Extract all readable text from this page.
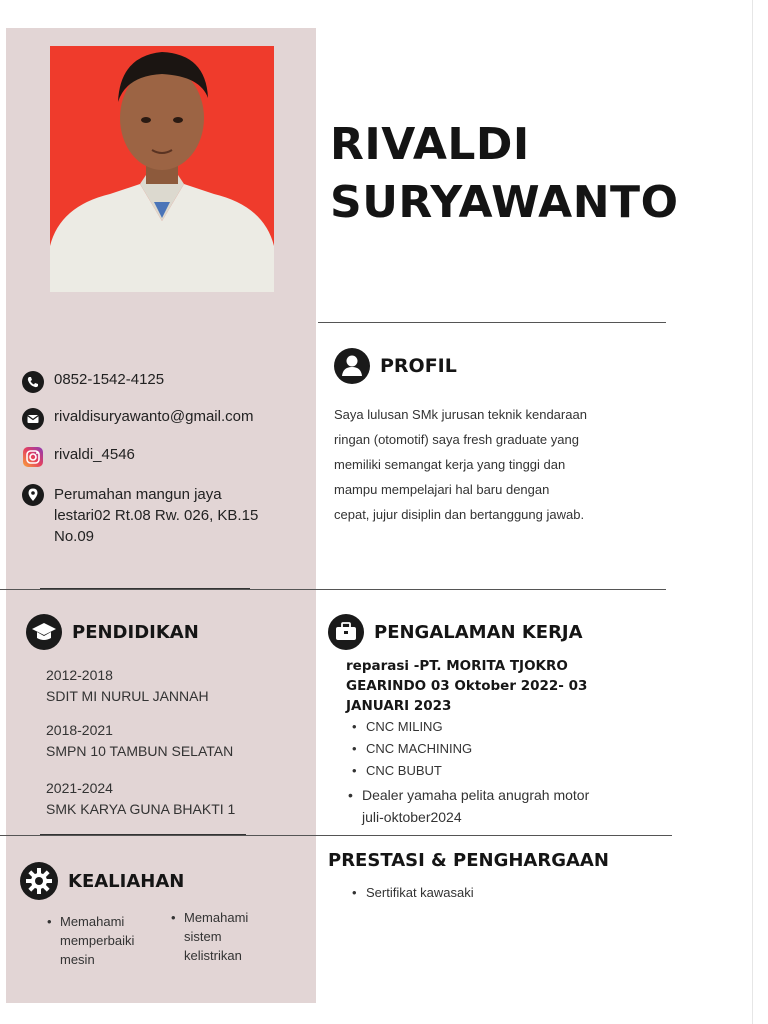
RIVALDI
SURYAWANTO
0852-1542-4125
rivaldisuryawanto@gmail.com
rivaldi_4546
Perumahan mangun jaya
lestari02 Rt.08 Rw. 026, KB.15
No.09
PROFIL
Saya lulusan SMk jurusan teknik kendaraan
ringan (otomotif) saya fresh graduate yang
memiliki semangat kerja yang tinggi dan
mampu mempelajari hal baru dengan
cepat, jujur disiplin dan bertanggung jawab.
PENDIDIKAN
2012-2018
SDIT MI NURUL JANNAH
2018-2021
SMPN 10 TAMBUN SELATAN
2021-2024
SMK KARYA GUNA BHAKTI 1
PENGALAMAN KERJA
reparasi -PT. MORITA TJOKRO
GEARINDO 03 Oktober 2022- 03
JANUARI 2023
• CNC MILING
• CNC MACHINING
• CNC BUBUT
• Dealer yamaha pelita anugrah motor
juli-oktober2024
PRESTASI & PENGHARGAAN
• Sertifikat kawasaki
KEALIAHAN
• Memahami
memperbaiki
mesin
• Memahami
sistem
kelistrikan
